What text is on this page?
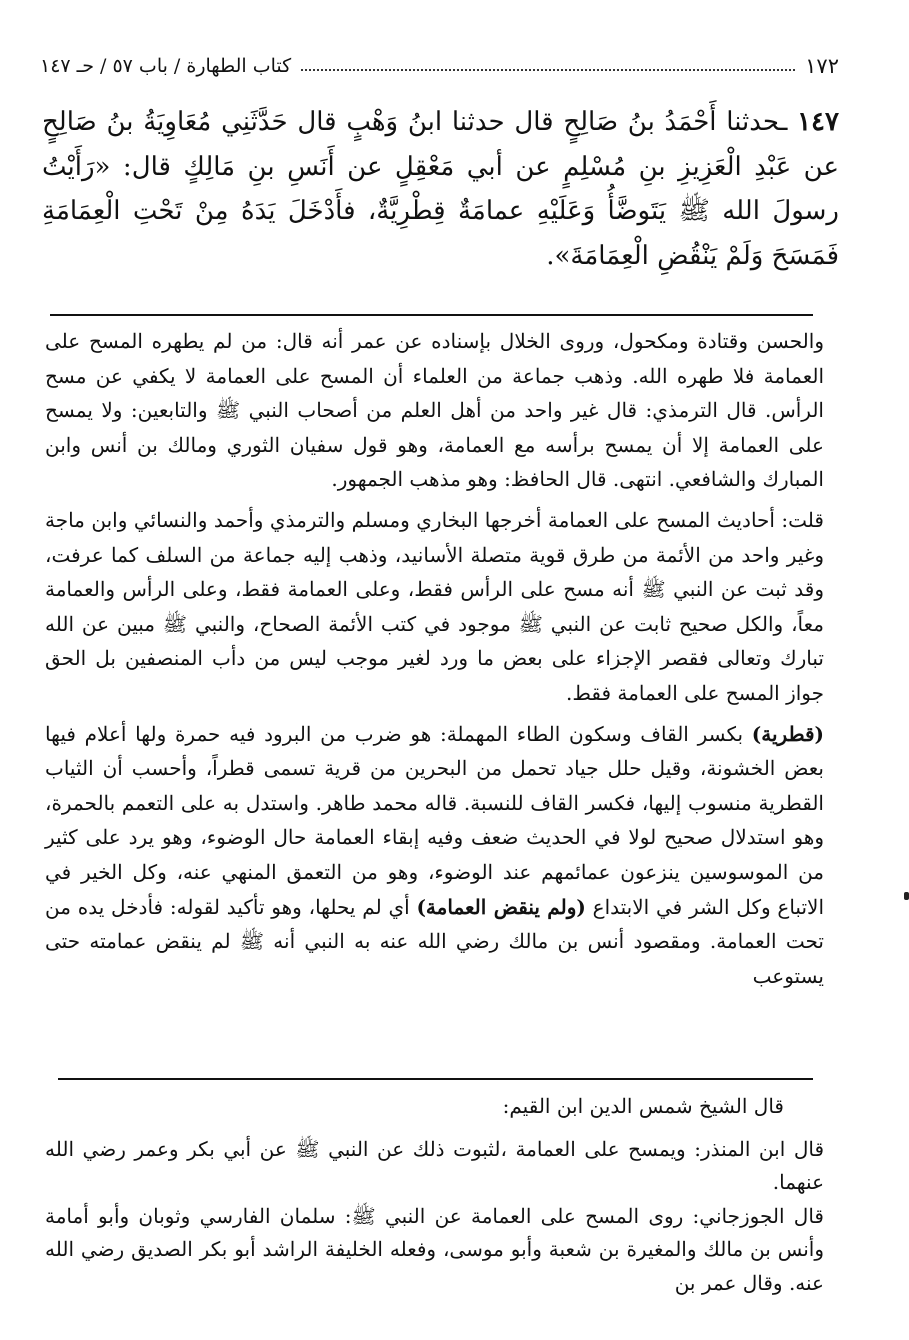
١٧٢
كتاب الطهارة / باب ٥٧ / حـ ١٤٧
١٤٧ ـحدثنا أَحْمَدُ بنُ صَالِحٍ قال حدثنا ابنُ وَهْبٍ قال حَدَّثَنِي مُعَاوِيَةُ بنُ صَالِحٍ عن عَبْدِ الْعَزِيزِ بنِ مُسْلِمٍ عن أبي مَعْقِلٍ عن أَنَسِ بنِ مَالِكٍ قال: «رَأَيْتُ رسولَ الله ﷺ يَتَوضَّأُ وَعَلَيْهِ عمامَةٌ قِطْرِيَّةٌ، فأَدْخَلَ يَدَهُ مِنْ تَحْتِ الْعِمَامَةِ فَمَسَحَ وَلَمْ يَنْقُضِ الْعِمَامَةَ».

والحسن وقتادة ومكحول، وروى الخلال بإسناده عن عمر أنه قال: من لم يطهره المسح على العمامة فلا طهره الله. وذهب جماعة من العلماء أن المسح على العمامة لا يكفي عن مسح الرأس. قال الترمذي: قال غير واحد من أهل العلم من أصحاب النبي ﷺ والتابعين: ولا يمسح على العمامة إلا أن يمسح برأسه مع العمامة، وهو قول سفيان الثوري ومالك بن أنس وابن المبارك والشافعي. انتهى. قال الحافظ: وهو مذهب الجمهور.

قلت: أحاديث المسح على العمامة أخرجها البخاري ومسلم والترمذي وأحمد والنسائي وابن ماجة وغير واحد من الأئمة من طرق قوية متصلة الأسانيد، وذهب إليه جماعة من السلف كما عرفت، وقد ثبت عن النبي ﷺ أنه مسح على الرأس فقط، وعلى العمامة فقط، وعلى الرأس والعمامة معاً، والكل صحيح ثابت عن النبي ﷺ موجود في كتب الأئمة الصحاح، والنبي ﷺ مبين عن الله تبارك وتعالى فقصر الإجزاء على بعض ما ورد لغير موجب ليس من دأب المنصفين بل الحق جواز المسح على العمامة فقط.

(قطرية) بكسر القاف وسكون الطاء المهملة: هو ضرب من البرود فيه حمرة ولها أعلام فيها بعض الخشونة، وقيل حلل جياد تحمل من البحرين من قرية تسمى قطراً، وأحسب أن الثياب القطرية منسوب إليها، فكسر القاف للنسبة. قاله محمد طاهر. واستدل به على التعمم بالحمرة، وهو استدلال صحيح لولا في الحديث ضعف وفيه إبقاء العمامة حال الوضوء، وهو يرد على كثير من الموسوسين ينزعون عمائمهم عند الوضوء، وهو من التعمق المنهي عنه، وكل الخير في الاتباع وكل الشر في الابتداع (ولم ينقض العمامة) أي لم يحلها، وهو تأكيد لقوله: فأدخل يده من تحت العمامة. ومقصود أنس بن مالك رضي الله عنه به النبي أنه ﷺ لم ينقض عمامته حتى يستوعب

قال الشيخ شمس الدين ابن القيم:

قال ابن المنذر: ويمسح على العمامة ،لثبوت ذلك عن النبي ﷺ عن أبي بكر وعمر رضي الله عنهما.

قال الجوزجاني: روى المسح على العمامة عن النبي ﷺ: سلمان الفارسي وثوبان وأبو أمامة وأنس بن مالك والمغيرة بن شعبة وأبو موسى، وفعله الخليفة الراشد أبو بكر الصديق رضي الله عنه. وقال عمر بن
